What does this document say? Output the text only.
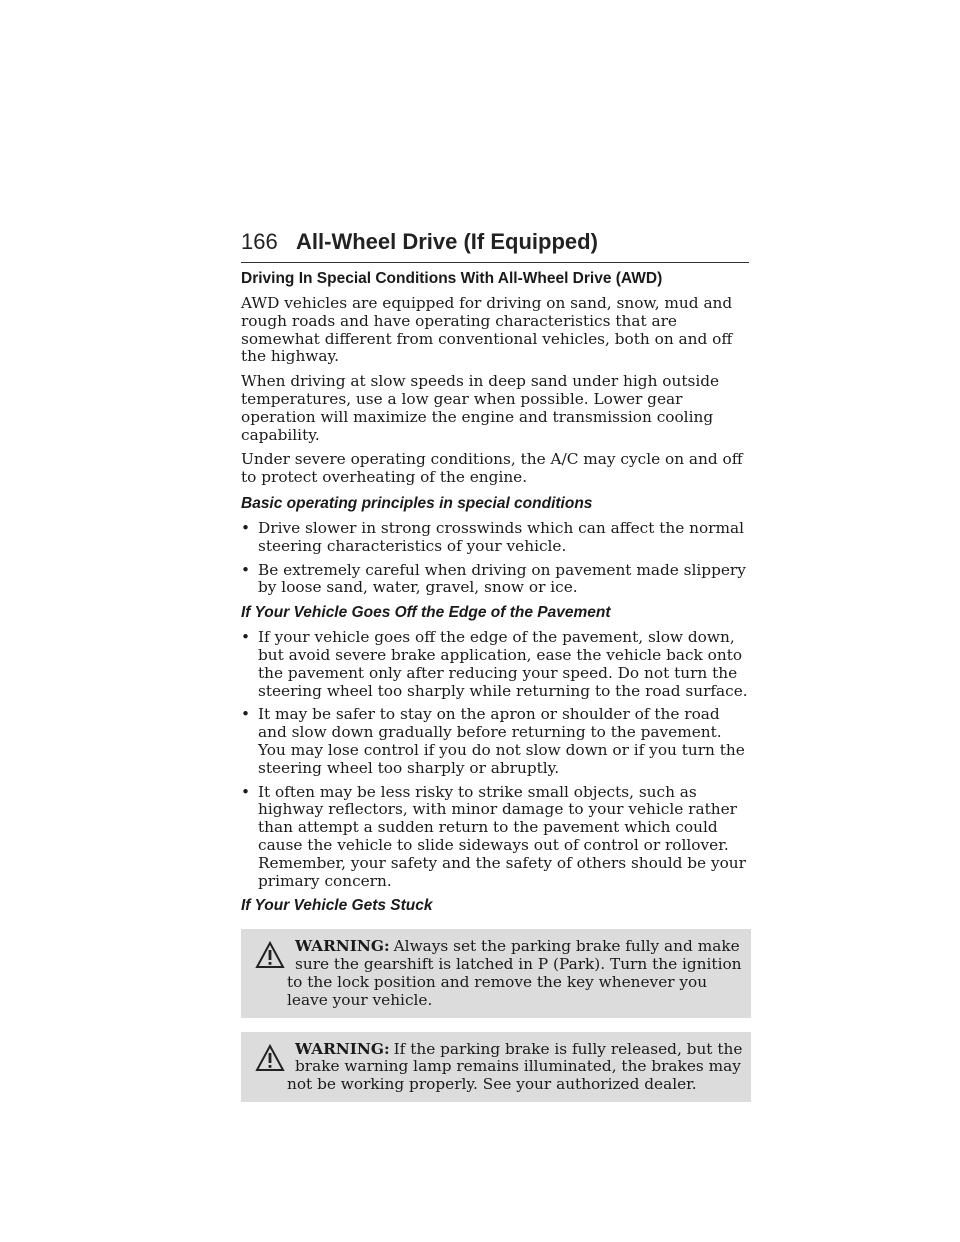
166 All-Wheel Drive (If Equipped)
Driving In Special Conditions With All-Wheel Drive (AWD)

AWD vehicles are equipped for driving on sand, snow, mud and rough roads and have operating characteristics that are somewhat different from conventional vehicles, both on and off the highway.

When driving at slow speeds in deep sand under high outside temperatures, use a low gear when possible. Lower gear operation will maximize the engine and transmission cooling capability.

Under severe operating conditions, the A/C may cycle on and off to protect overheating of the engine.

Basic operating principles in special conditions
• Drive slower in strong crosswinds which can affect the normal steering characteristics of your vehicle.
• Be extremely careful when driving on pavement made slippery by loose sand, water, gravel, snow or ice.
If Your Vehicle Goes Off the Edge of the Pavement
• If your vehicle goes off the edge of the pavement, slow down, but avoid severe brake application, ease the vehicle back onto the pavement only after reducing your speed. Do not turn the steering wheel too sharply while returning to the road surface.
• It may be safer to stay on the apron or shoulder of the road and slow down gradually before returning to the pavement. You may lose control if you do not slow down or if you turn the steering wheel too sharply or abruptly.
• It often may be less risky to strike small objects, such as highway reflectors, with minor damage to your vehicle rather than attempt a sudden return to the pavement which could cause the vehicle to slide sideways out of control or rollover. Remember, your safety and the safety of others should be your primary concern.
If Your Vehicle Gets Stuck
WARNING: Always set the parking brake fully and make sure the gearshift is latched in P (Park). Turn the ignition to the lock position and remove the key whenever you leave your vehicle.
WARNING: If the parking brake is fully released, but the brake warning lamp remains illuminated, the brakes may not be working properly. See your authorized dealer.
